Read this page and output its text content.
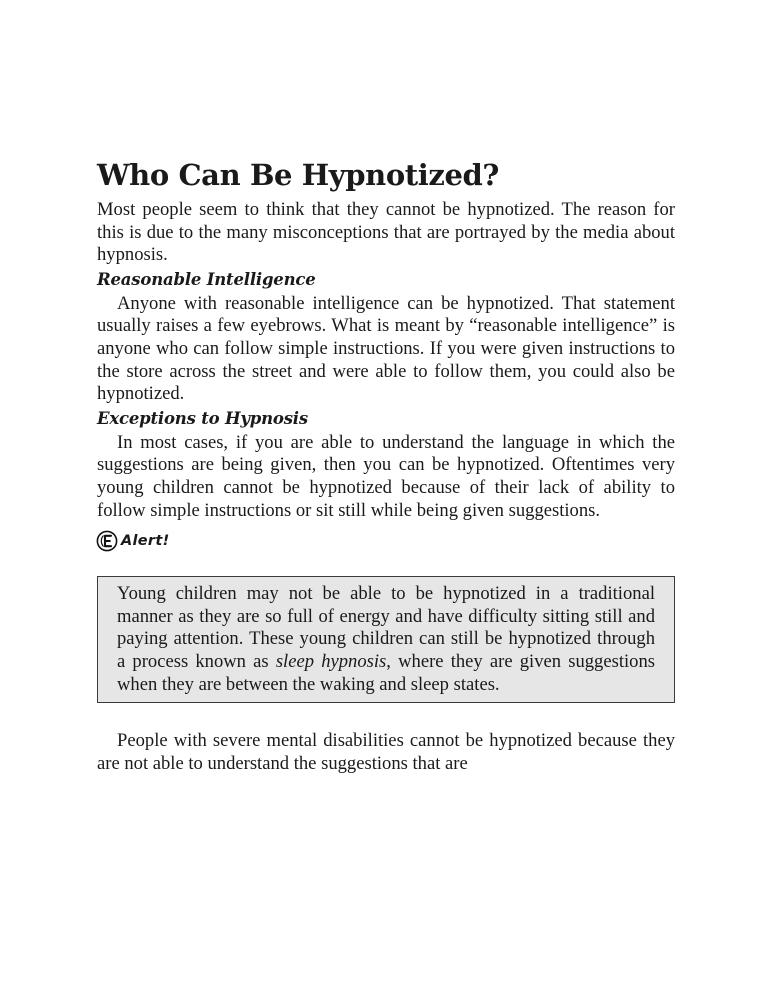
Who Can Be Hypnotized?

Most people seem to think that they cannot be hypnotized. The reason for this is due to the many misconceptions that are portrayed by the media about hypnosis.

Reasonable Intelligence

Anyone with reasonable intelligence can be hypnotized. That statement usually raises a few eyebrows. What is meant by “reasonable intelligence” is anyone who can follow simple instructions. If you were given instructions to the store across the street and were able to follow them, you could also be hypnotized.

Exceptions to Hypnosis

In most cases, if you are able to understand the language in which the suggestions are being given, then you can be hypnotized. Oftentimes very young children cannot be hypnotized because of their lack of ability to follow simple instructions or sit still while being given suggestions.

Alert!

Young children may not be able to be hypnotized in a traditional manner as they are so full of energy and have difficulty sitting still and paying attention. These young children can still be hypnotized through a process known as sleep hypnosis, where they are given suggestions when they are between the waking and sleep states.

People with severe mental disabilities cannot be hypnotized because they are not able to understand the suggestions that are
